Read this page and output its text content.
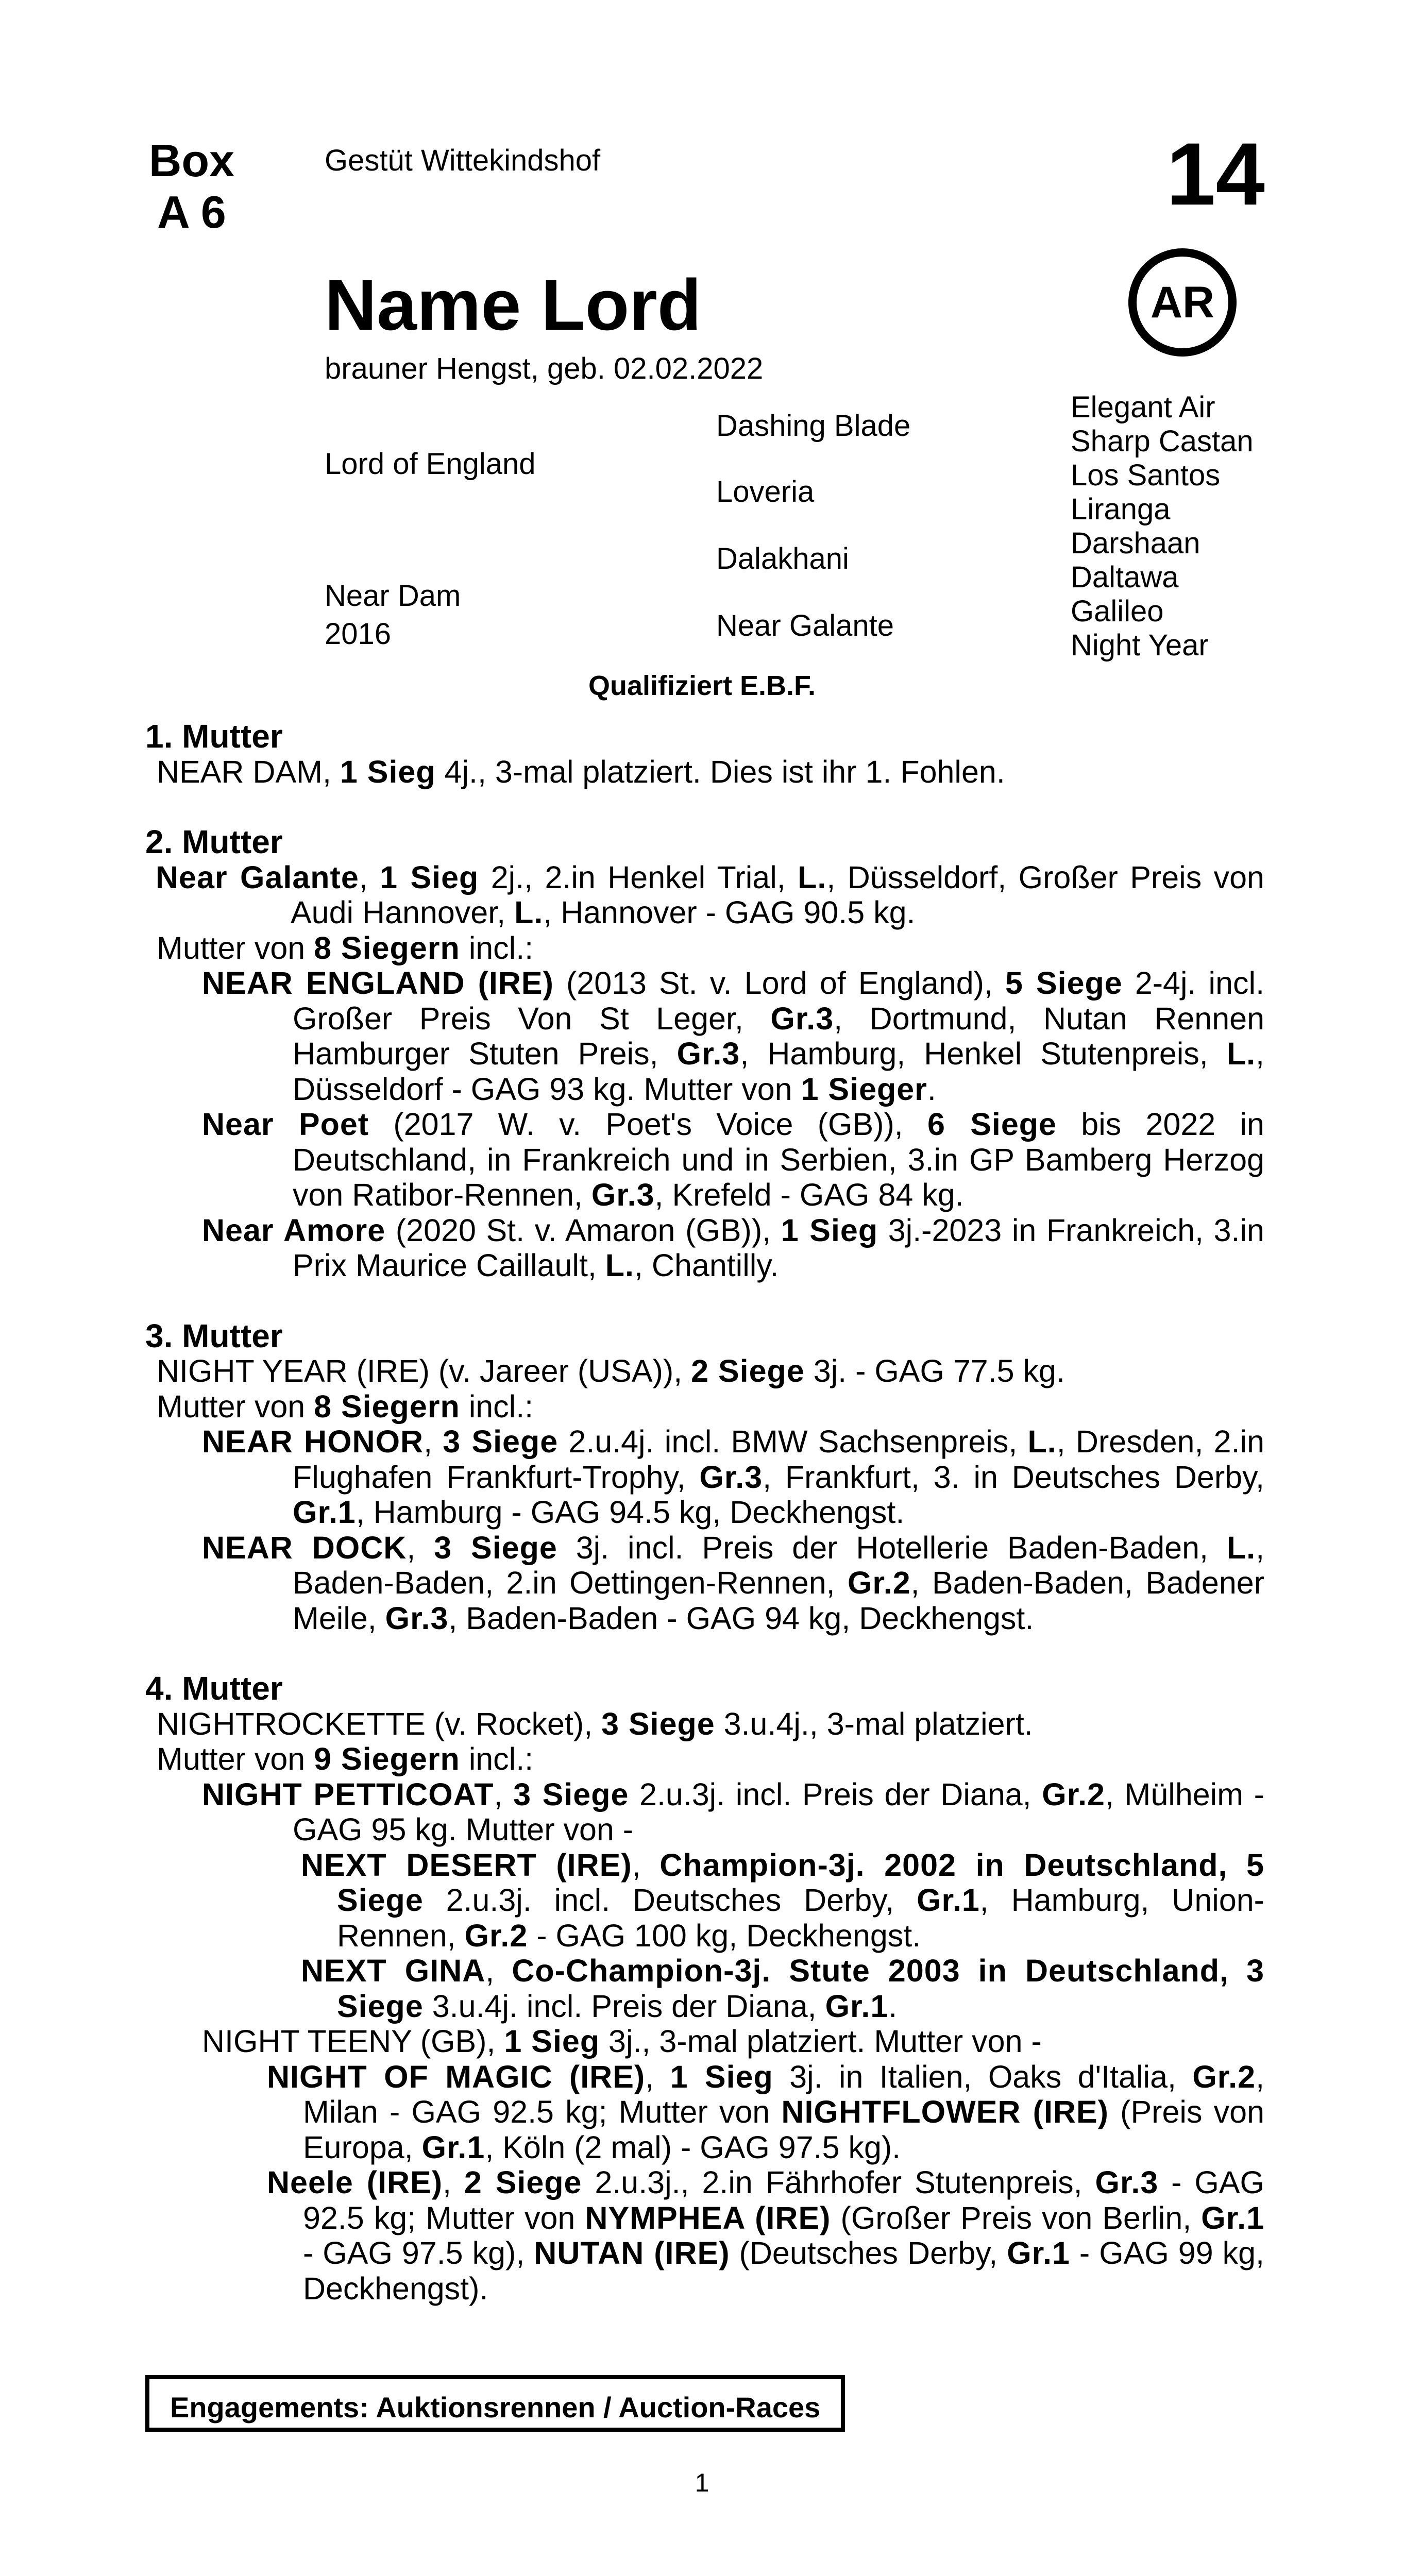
Box
A 6
Gestüt Wittekindshof	14
Name Lord
brauner Hengst, geb. 02.02.2022
AR
Lord of England
Near Dam
2016
Dashing Blade
Loveria
Dalakhani
Near Galante
Elegant Air
Sharp Castan
Los Santos
Liranga
Darshaan
Daltawa
Galileo
Night Year
Qualifiziert E.B.F.
1. Mutter
NEAR DAM, 1 Sieg 4j., 3-mal platziert. Dies ist ihr 1. Fohlen.
2. Mutter
Near Galante, 1 Sieg 2j., 2.in Henkel Trial, L., Düsseldorf, Großer Preis von Audi Hannover, L., Hannover - GAG 90.5 kg.
Mutter von 8 Siegern incl.:
NEAR ENGLAND (IRE) (2013 St. v. Lord of England), 5 Siege 2-4j. incl. Großer Preis Von St Leger, Gr.3, Dortmund, Nutan Rennen Hamburger Stuten Preis, Gr.3, Hamburg, Henkel Stutenpreis, L., Düsseldorf - GAG 93 kg. Mutter von 1 Sieger.
Near Poet (2017 W. v. Poet's Voice (GB)), 6 Siege bis 2022 in Deutschland, in Frankreich und in Serbien, 3.in GP Bamberg Herzog von Ratibor-Rennen, Gr.3, Krefeld - GAG 84 kg.
Near Amore (2020 St. v. Amaron (GB)), 1 Sieg 3j.-2023 in Frankreich, 3.in Prix Maurice Caillault, L., Chantilly.
3. Mutter
NIGHT YEAR (IRE) (v. Jareer (USA)), 2 Siege 3j. - GAG 77.5 kg.
Mutter von 8 Siegern incl.:
NEAR HONOR, 3 Siege 2.u.4j. incl. BMW Sachsenpreis, L., Dresden, 2.in Flughafen Frankfurt-Trophy, Gr.3, Frankfurt, 3. in Deutsches Derby, Gr.1, Hamburg - GAG 94.5 kg, Deckhengst.
NEAR DOCK, 3 Siege 3j. incl. Preis der Hotellerie Baden-Baden, L., Baden-Baden, 2.in Oettingen-Rennen, Gr.2, Baden-Baden, Badener Meile, Gr.3, Baden-Baden - GAG 94 kg, Deckhengst.
4. Mutter
NIGHTROCKETTE (v. Rocket), 3 Siege 3.u.4j., 3-mal platziert.
Mutter von 9 Siegern incl.:
NIGHT PETTICOAT, 3 Siege 2.u.3j. incl. Preis der Diana, Gr.2, Mülheim - GAG 95 kg. Mutter von -
NEXT DESERT (IRE), Champion-3j. 2002 in Deutschland, 5 Siege 2.u.3j. incl. Deutsches Derby, Gr.1, Hamburg, Union-Rennen, Gr.2 - GAG 100 kg, Deckhengst.
NEXT GINA, Co-Champion-3j. Stute 2003 in Deutschland, 3 Siege 3.u.4j. incl. Preis der Diana, Gr.1.
NIGHT TEENY (GB), 1 Sieg 3j., 3-mal platziert. Mutter von -
NIGHT OF MAGIC (IRE), 1 Sieg 3j. in Italien, Oaks d'Italia, Gr.2, Milan - GAG 92.5 kg; Mutter von NIGHTFLOWER (IRE) (Preis von Europa, Gr.1, Köln (2 mal) - GAG 97.5 kg).
Neele (IRE), 2 Siege 2.u.3j., 2.in Fährhofer Stutenpreis, Gr.3 - GAG 92.5 kg; Mutter von NYMPHEA (IRE) (Großer Preis von Berlin, Gr.1 - GAG 97.5 kg), NUTAN (IRE) (Deutsches Derby, Gr.1 - GAG 99 kg, Deckhengst).
Engagements: Auktionsrennen / Auction-Races
1
